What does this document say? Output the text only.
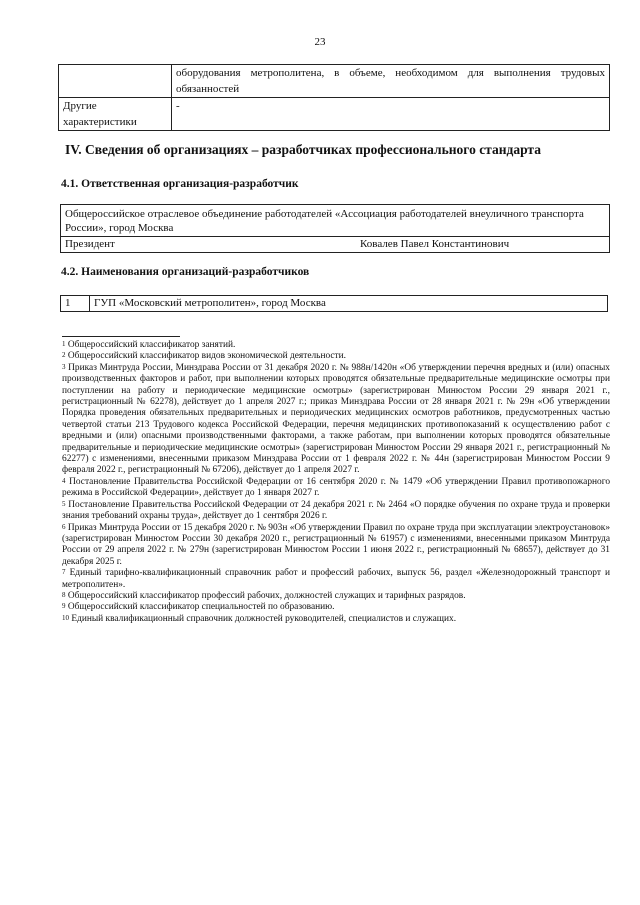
23
	оборудования метрополитена, в объеме, необходимом для выполнения трудовых обязанностей
Другие характеристики	-
IV. Сведения об организациях – разработчиках профессионального стандарта
4.1. Ответственная организация-разработчик
Общероссийское отраслевое объединение работодателей «Ассоциация работодателей внеуличного транспорта России», город Москва
Президент	Ковалев Павел Константинович
4.2. Наименования организаций-разработчиков
1	ГУП «Московский метрополитен», город Москва

$^1$ Общероссийский классификатор занятий.

$^2$ Общероссийский классификатор видов экономической деятельности.

$^3$ Приказ Минтруда России, Минздрава России от 31 декабря 2020 г. № 988н/1420н «Об утверждении перечня вредных и (или) опасных производственных факторов и работ, при выполнении которых проводятся обязательные предварительные медицинские осмотры при поступлении на работу и периодические медицинские осмотры» (зарегистрирован Минюстом России 29 января 2021 г., регистрационный № 62278), действует до 1 апреля 2027 г.; приказ Минздрава России от 28 января 2021 г. № 29н «Об утверждении Порядка проведения обязательных предварительных и периодических медицинских осмотров работников, предусмотренных частью четвертой статьи 213 Трудового кодекса Российской Федерации, перечня медицинских противопоказаний к осуществлению работ с вредными и (или) опасными производственными факторами, а также работам, при выполнении которых проводятся обязательные предварительные и периодические медицинские осмотры» (зарегистрирован Минюстом России 29 января 2021 г., регистрационный № 62277) с изменениями, внесенными приказом Минздрава России от 1 февраля 2022 г. № 44н (зарегистрирован Минюстом России 9 февраля 2022 г., регистрационный № 67206), действует до 1 апреля 2027 г.

$^4$ Постановление Правительства Российской Федерации от 16 сентября 2020 г. № 1479 «Об утверждении Правил противопожарного режима в Российской Федерации», действует до 1 января 2027 г.

$^5$ Постановление Правительства Российской Федерации от 24 декабря 2021 г. № 2464 «О порядке обучения по охране труда и проверки знания требований охраны труда», действует до 1 сентября 2026 г.

$^6$ Приказ Минтруда России от 15 декабря 2020 г. № 903н «Об утверждении Правил по охране труда при эксплуатации электроустановок» (зарегистрирован Минюстом России 30 декабря 2020 г., регистрационный № 61957) с изменениями, внесенными приказом Минтруда России от 29 апреля 2022 г. № 279н (зарегистрирован Минюстом России 1 июня 2022 г., регистрационный № 68657), действует до 31 декабря 2025 г.

$^7$ Единый тарифно-квалификационный справочник работ и профессий рабочих, выпуск 56, раздел «Железнодорожный транспорт и метрополитен».

$^8$ Общероссийский классификатор профессий рабочих, должностей служащих и тарифных разрядов.

$^9$ Общероссийский классификатор специальностей по образованию.

$^{10}$ Единый квалификационный справочник должностей руководителей, специалистов и служащих.
